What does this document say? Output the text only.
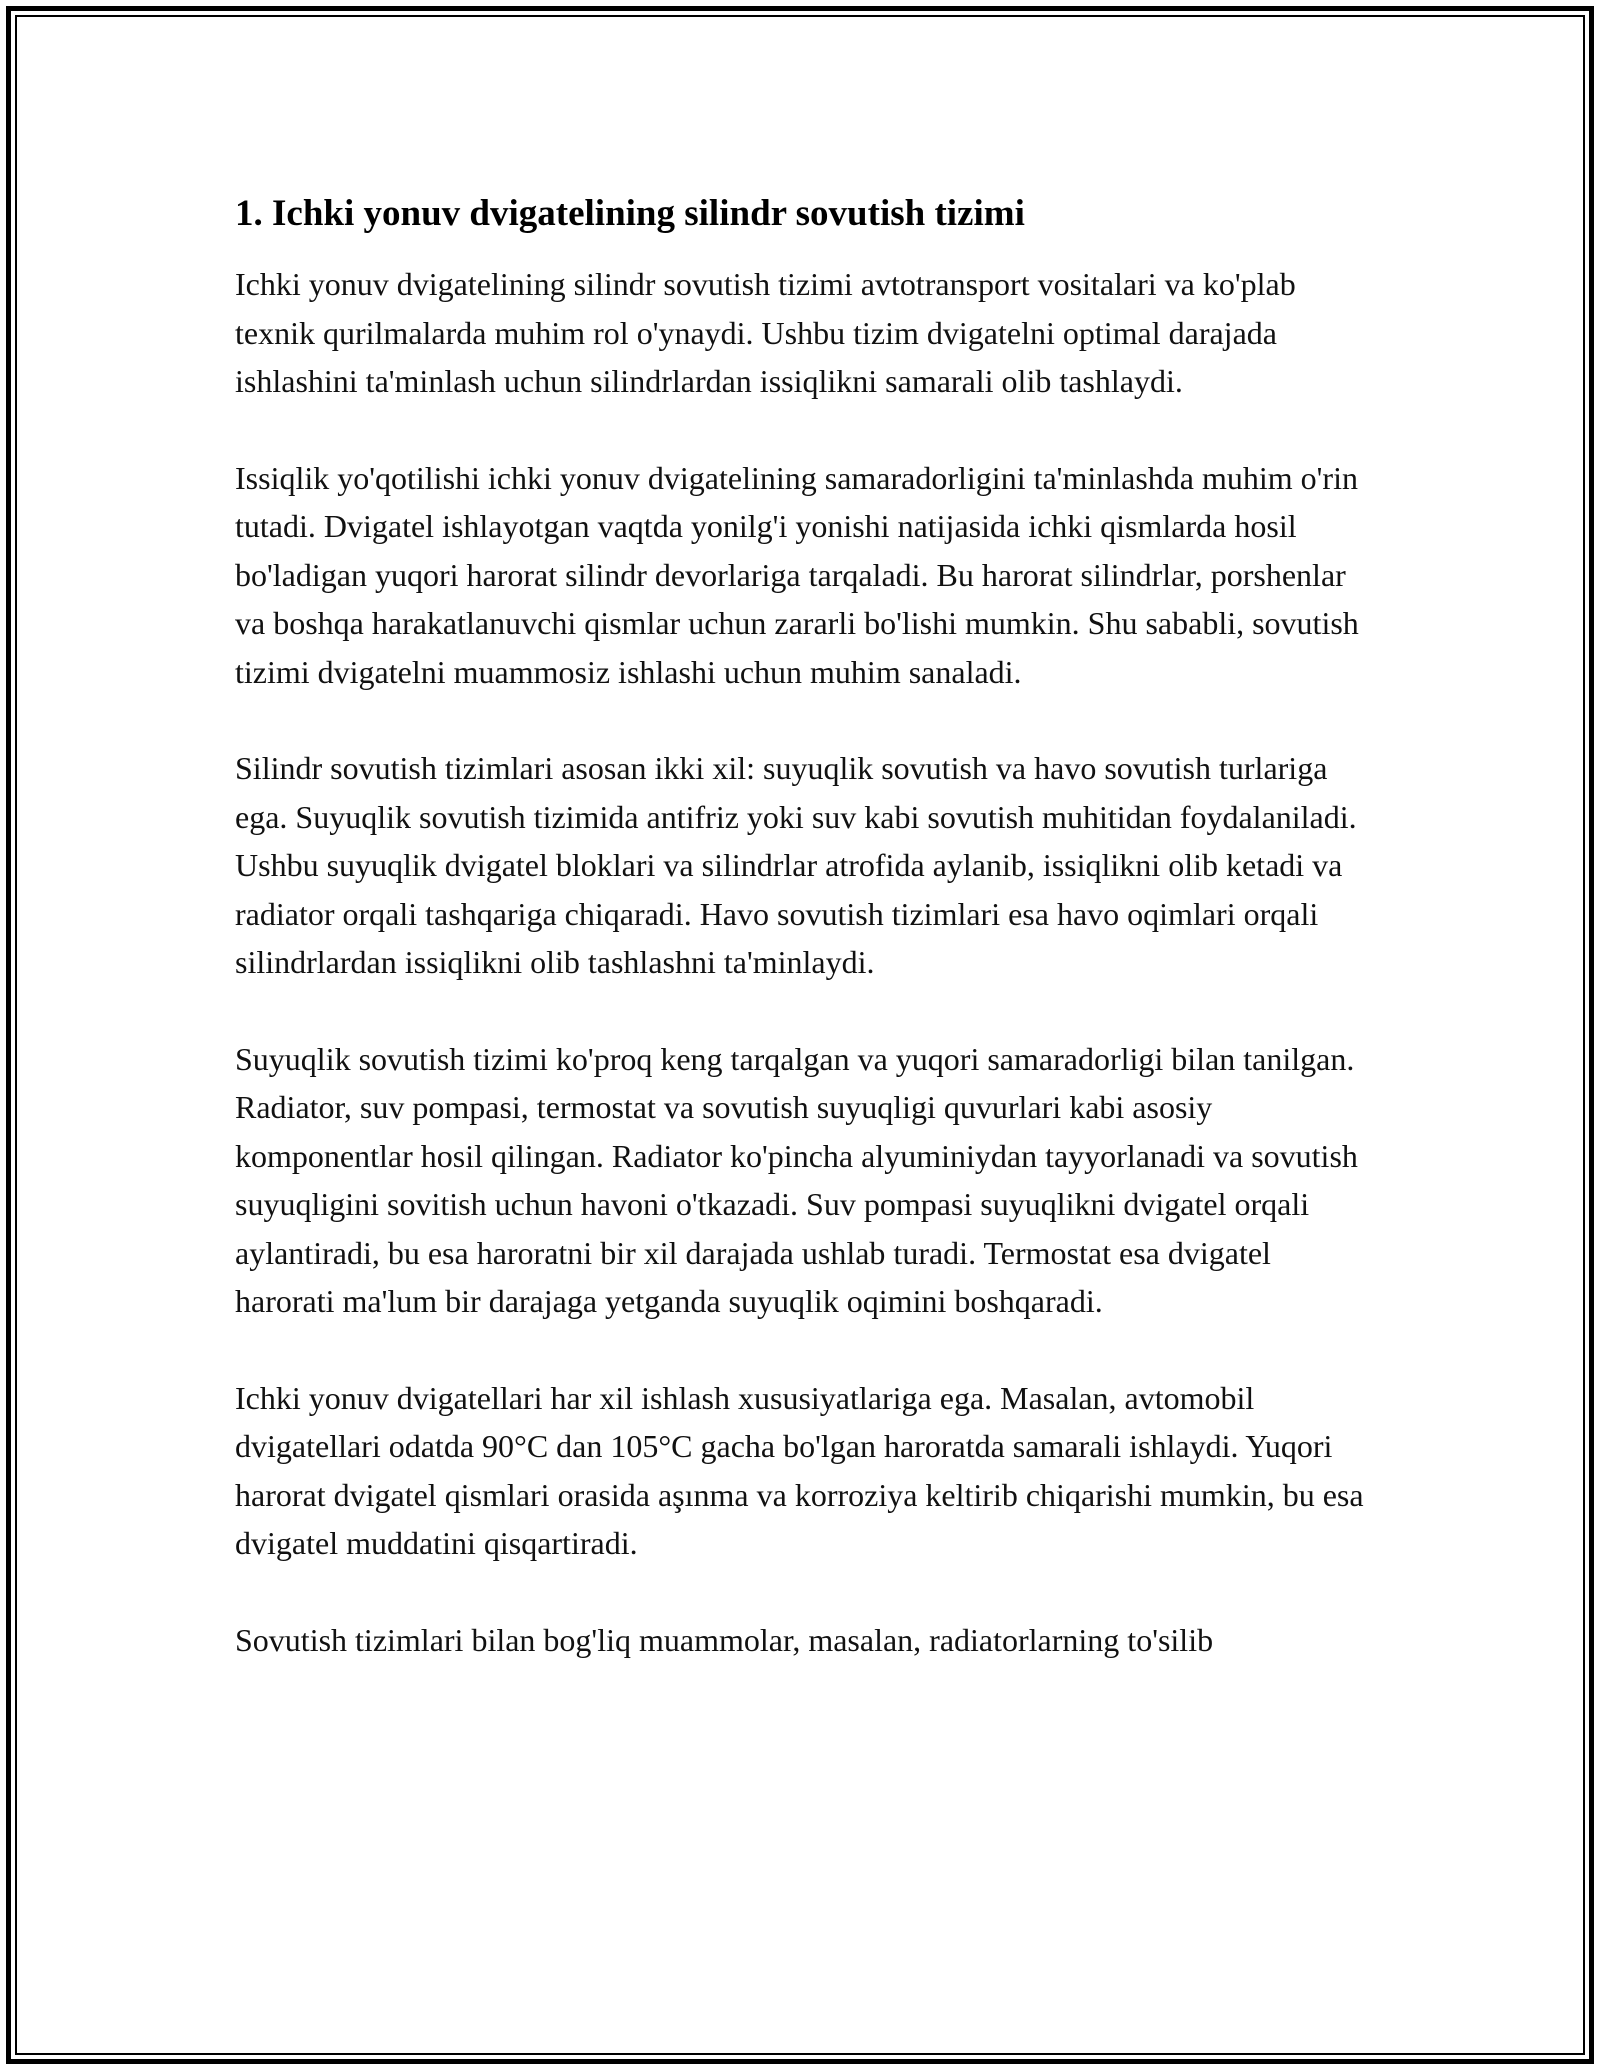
1. Ichki yonuv dvigatelining silindr sovutish tizimi

Ichki yonuv dvigatelining silindr sovutish tizimi avtotransport vositalari va ko'plab texnik qurilmalarda muhim rol o'ynaydi. Ushbu tizim dvigatelni optimal darajada ishlashini ta'minlash uchun silindrlardan issiqlikni samarali olib tashlaydi.

Issiqlik yo'qotilishi ichki yonuv dvigatelining samaradorligini ta'minlashda muhim o'rin tutadi. Dvigatel ishlayotgan vaqtda yonilg'i yonishi natijasida ichki qismlarda hosil bo'ladigan yuqori harorat silindr devorlariga tarqaladi. Bu harorat silindrlar, porshenlar va boshqa harakatlanuvchi qismlar uchun zararli bo'lishi mumkin. Shu sababli, sovutish tizimi dvigatelni muammosiz ishlashi uchun muhim sanaladi.

Silindr sovutish tizimlari asosan ikki xil: suyuqlik sovutish va havo sovutish turlariga ega. Suyuqlik sovutish tizimida antifriz yoki suv kabi sovutish muhitidan foydalaniladi. Ushbu suyuqlik dvigatel bloklari va silindrlar atrofida aylanib, issiqlikni olib ketadi va radiator orqali tashqariga chiqaradi. Havo sovutish tizimlari esa havo oqimlari orqali silindrlardan issiqlikni olib tashlashni ta'minlaydi.

Suyuqlik sovutish tizimi ko'proq keng tarqalgan va yuqori samaradorligi bilan tanilgan. Radiator, suv pompasi, termostat va sovutish suyuqligi quvurlari kabi asosiy komponentlar hosil qilingan. Radiator ko'pincha alyuminiydan tayyorlanadi va sovutish suyuqligini sovitish uchun havoni o'tkazadi. Suv pompasi suyuqlikni dvigatel orqali aylantiradi, bu esa haroratni bir xil darajada ushlab turadi. Termostat esa dvigatel harorati ma'lum bir darajaga yetganda suyuqlik oqimini boshqaradi.

Ichki yonuv dvigatellari har xil ishlash xususiyatlariga ega. Masalan, avtomobil dvigatellari odatda 90°C dan 105°C gacha bo'lgan haroratda samarali ishlaydi. Yuqori harorat dvigatel qismlari orasida aşınma va korroziya keltirib chiqarishi mumkin, bu esa dvigatel muddatini qisqartiradi.

Sovutish tizimlari bilan bog'liq muammolar, masalan, radiatorlarning to'silib
